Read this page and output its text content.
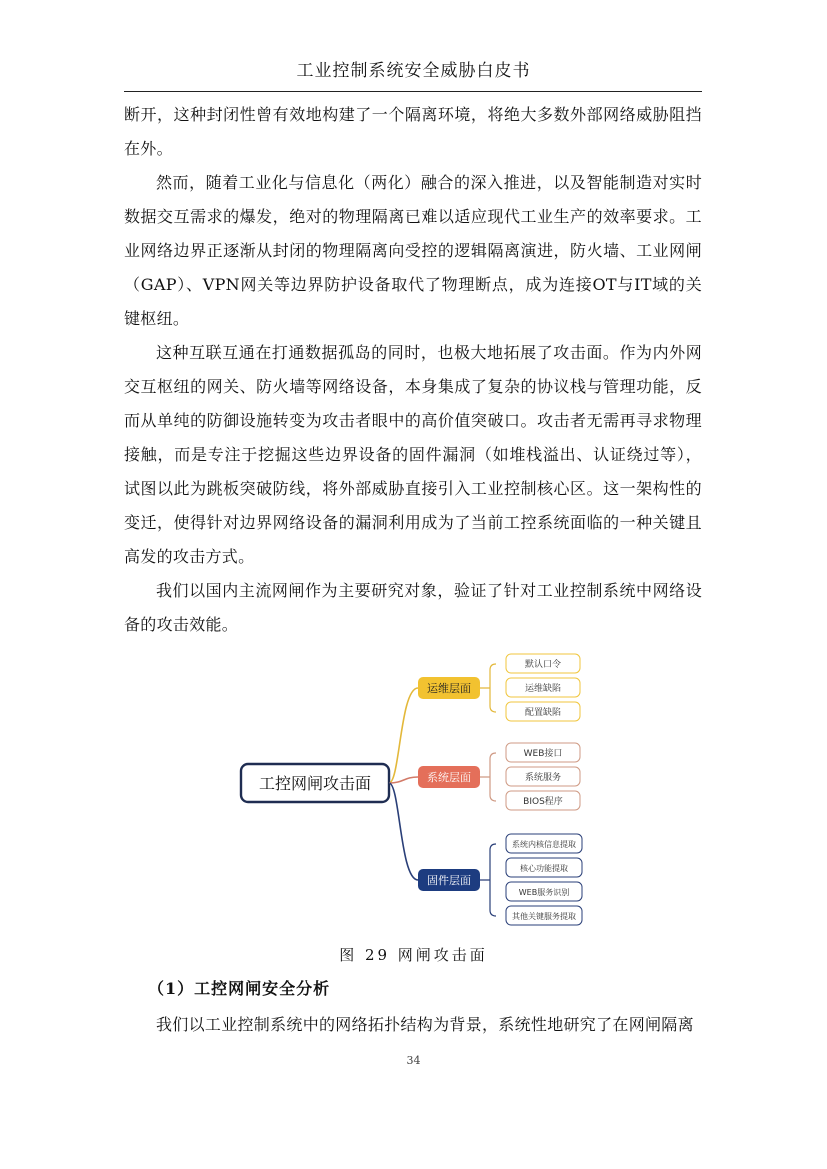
工业控制系统安全威胁白皮书

断开，这种封闭性曾有效地构建了一个隔离环境，将绝大多数外部网络威胁阻挡在外。

然而，随着工业化与信息化（两化）融合的深入推进，以及智能制造对实时数据交互需求的爆发，绝对的物理隔离已难以适应现代工业生产的效率要求。工业网络边界正逐渐从封闭的物理隔离向受控的逻辑隔离演进，防火墙、工业网闸（GAP）、VPN网关等边界防护设备取代了物理断点，成为连接OT与IT域的关键枢纽。

这种互联互通在打通数据孤岛的同时，也极大地拓展了攻击面。作为内外网交互枢纽的网关、防火墙等网络设备，本身集成了复杂的协议栈与管理功能，反而从单纯的防御设施转变为攻击者眼中的高价值突破口。攻击者无需再寻求物理接触，而是专注于挖掘这些边界设备的固件漏洞（如堆栈溢出、认证绕过等），试图以此为跳板突破防线，将外部威胁直接引入工业控制核心区。这一架构性的变迁，使得针对边界网络设备的漏洞利用成为了当前工控系统面临的一种关键且高发的攻击方式。

我们以国内主流网闸作为主要研究对象，验证了针对工业控制系统中网络设备的攻击效能。

工控网闸攻击面
运维层面
默认口令
运维缺陷
配置缺陷
系统层面
WEB接口
系统服务
BIOS程序
固件层面
系统内核信息提取
核心功能提取
WEB服务识别
其他关键服务提取
图 29 网闸攻击面
（1）工控网闸安全分析

我们以工业控制系统中的网络拓扑结构为背景，系统性地研究了在网闸隔离

34
